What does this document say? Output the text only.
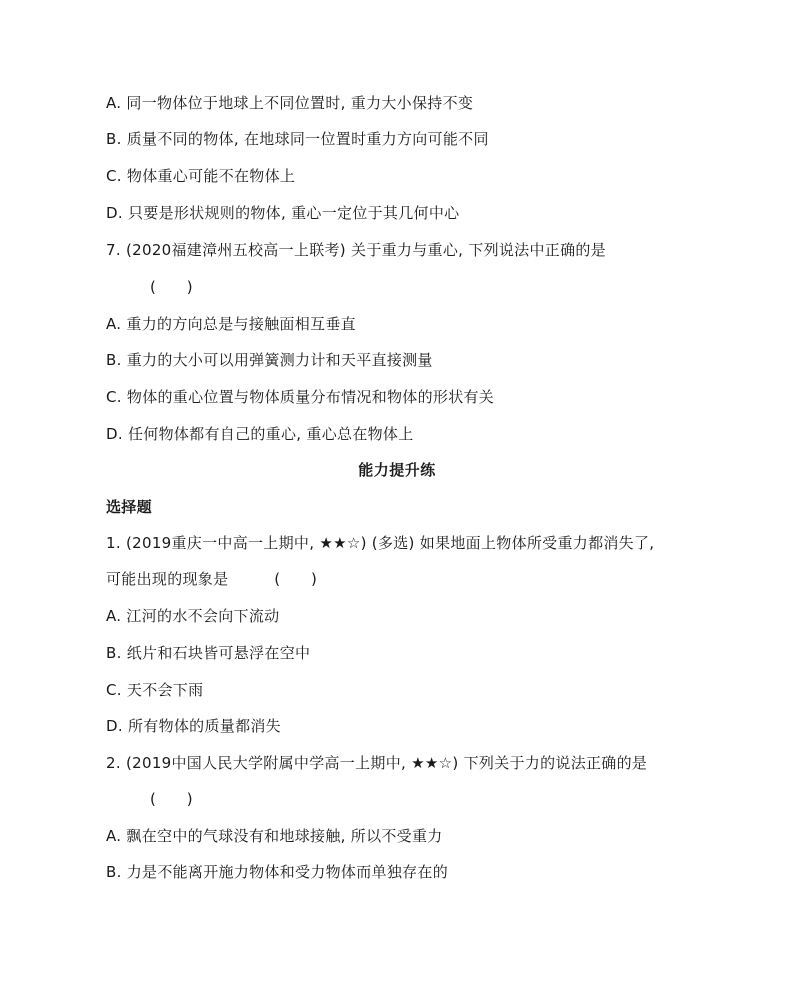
A. 同一物体位于地球上不同位置时, 重力大小保持不变
B. 质量不同的物体, 在地球同一位置时重力方向可能不同
C. 物体重心可能不在物体上
D. 只要是形状规则的物体, 重心一定位于其几何中心
7. (2020福建漳州五校高一上联考) 关于重力与重心, 下列说法中正确的是
(　　)
A. 重力的方向总是与接触面相互垂直
B. 重力的大小可以用弹簧测力计和天平直接测量
C. 物体的重心位置与物体质量分布情况和物体的形状有关
D. 任何物体都有自己的重心, 重心总在物体上
能力提升练
选择题
1. (2019重庆一中高一上期中, ★★☆) (多选) 如果地面上物体所受重力都消失了,
可能出现的现象是　　　(　　)
A. 江河的水不会向下流动
B. 纸片和石块皆可悬浮在空中
C. 天不会下雨
D. 所有物体的质量都消失
2. (2019中国人民大学附属中学高一上期中, ★★☆) 下列关于力的说法正确的是
(　　)
A. 飘在空中的气球没有和地球接触, 所以不受重力
B. 力是不能离开施力物体和受力物体而单独存在的
